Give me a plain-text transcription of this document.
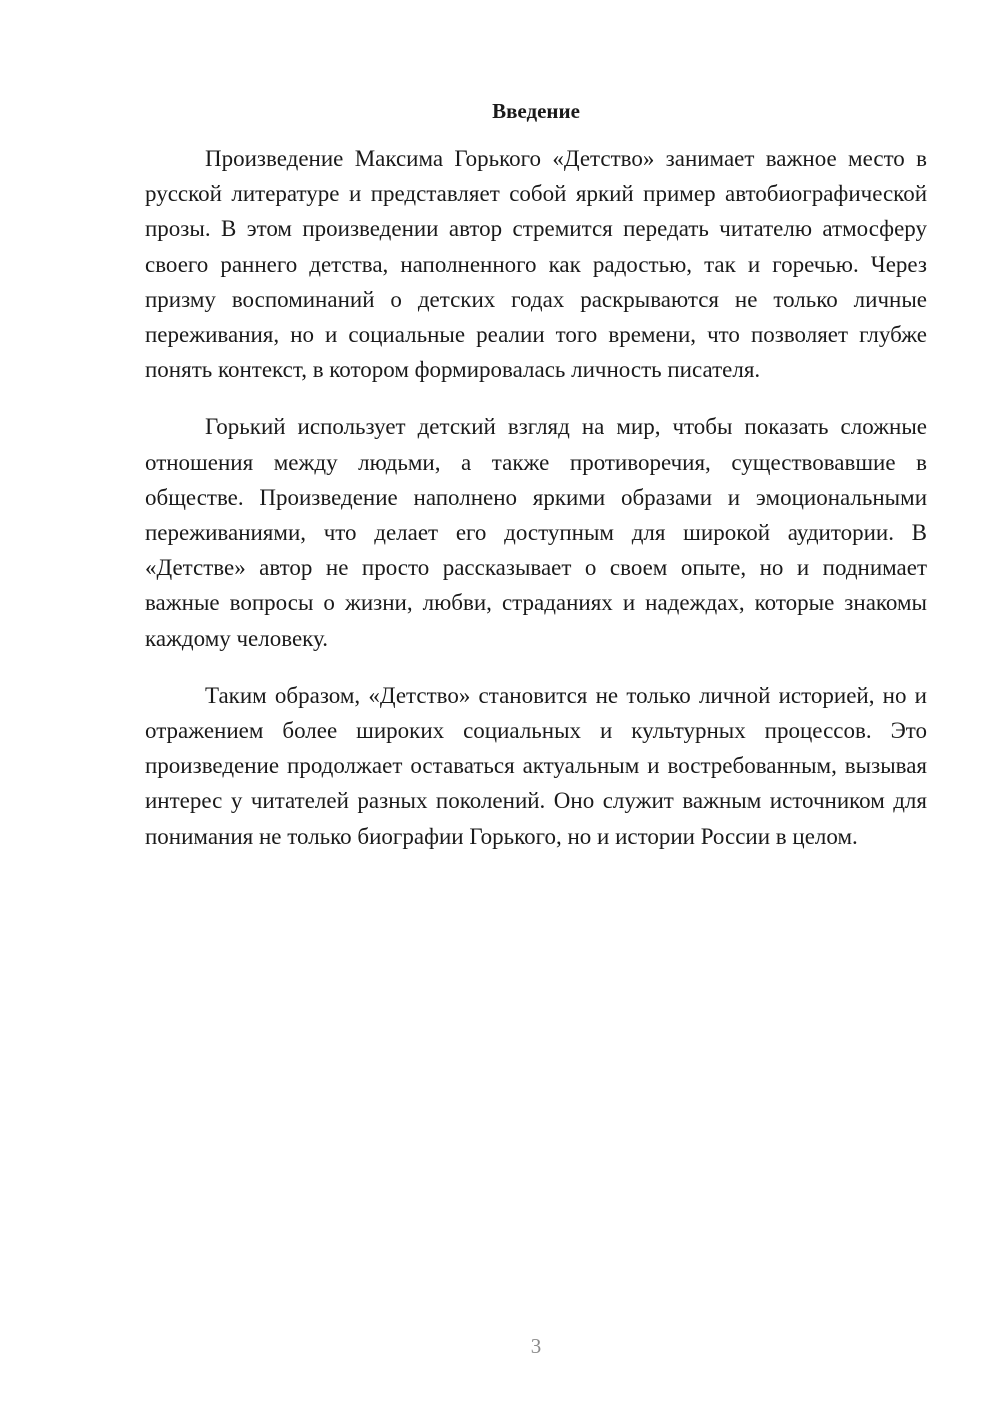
Введение

Произведение Максима Горького «Детство» занимает важное место в русской литературе и представляет собой яркий пример автобиографической прозы. В этом произведении автор стремится передать читателю атмосферу своего раннего детства, наполненного как радостью, так и горечью. Через призму воспоминаний о детских годах раскрываются не только личные переживания, но и социальные реалии того времени, что позволяет глубже понять контекст, в котором формировалась личность писателя.

Горький использует детский взгляд на мир, чтобы показать сложные отношения между людьми, а также противоречия, существовавшие в обществе. Произведение наполнено яркими образами и эмоциональными переживаниями, что делает его доступным для широкой аудитории. В «Детстве» автор не просто рассказывает о своем опыте, но и поднимает важные вопросы о жизни, любви, страданиях и надеждах, которые знакомы каждому человеку.

Таким образом, «Детство» становится не только личной историей, но и отражением более широких социальных и культурных процессов. Это произведение продолжает оставаться актуальным и востребованным, вызывая интерес у читателей разных поколений. Оно служит важным источником для понимания не только биографии Горького, но и истории России в целом.

3
